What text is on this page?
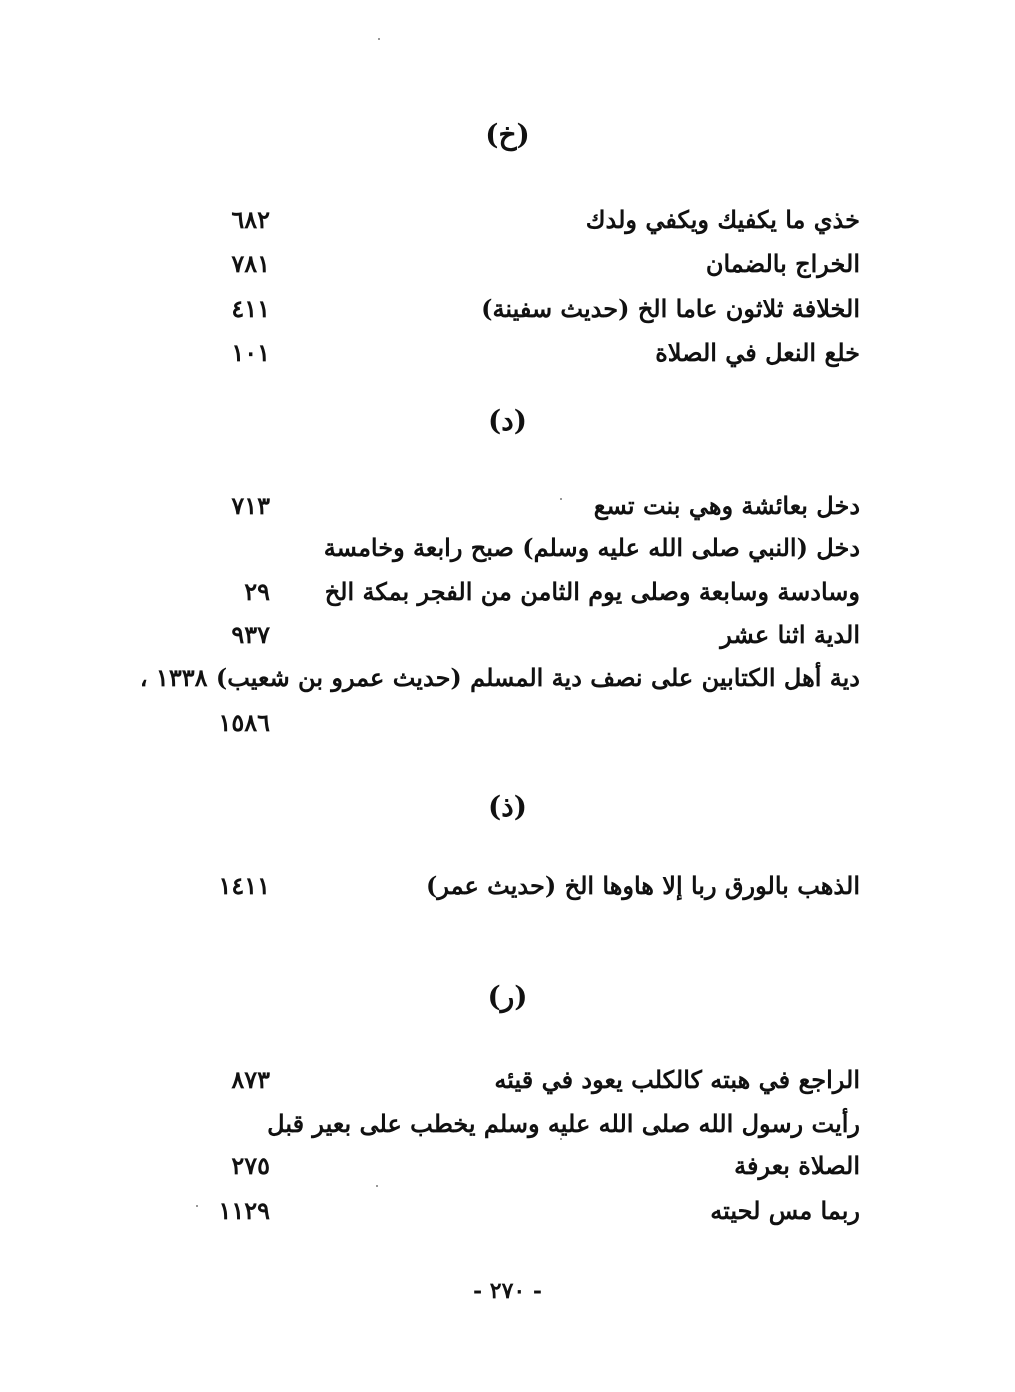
(خ)
خذي ما يكفيك ويكفي ولدك
٦٨٢
الخراج بالضمان
٧٨١
الخلافة ثلاثون عاما الخ (حديث سفينة)
٤١١
خلع النعل في الصلاة
١٠١
(د)
دخل بعائشة وهي بنت تسع
٧١٣
دخل (النبي صلى الله عليه وسلم) صبح رابعة وخامسة
وسادسة وسابعة وصلى يوم الثامن من الفجر بمكة الخ
٢٩
الدية اثنا عشر
٩٣٧
دية أهل الكتابين على نصف دية المسلم (حديث عمرو بن شعيب) ١٣٣٨ ،
١٥٨٦
(ذ)
الذهب بالورق ربا إلا هاوها الخ (حديث عمر)
١٤١١
(ر)
الراجع في هبته كالكلب يعود في قيئه
٨٧٣
رأيت رسول الله صلى الله عليه وسلم يخطب على بعير قبل
الصلاة بعرفة
٢٧٥
ربما مس لحيته
١١٢٩
- ٢٧٠ -
